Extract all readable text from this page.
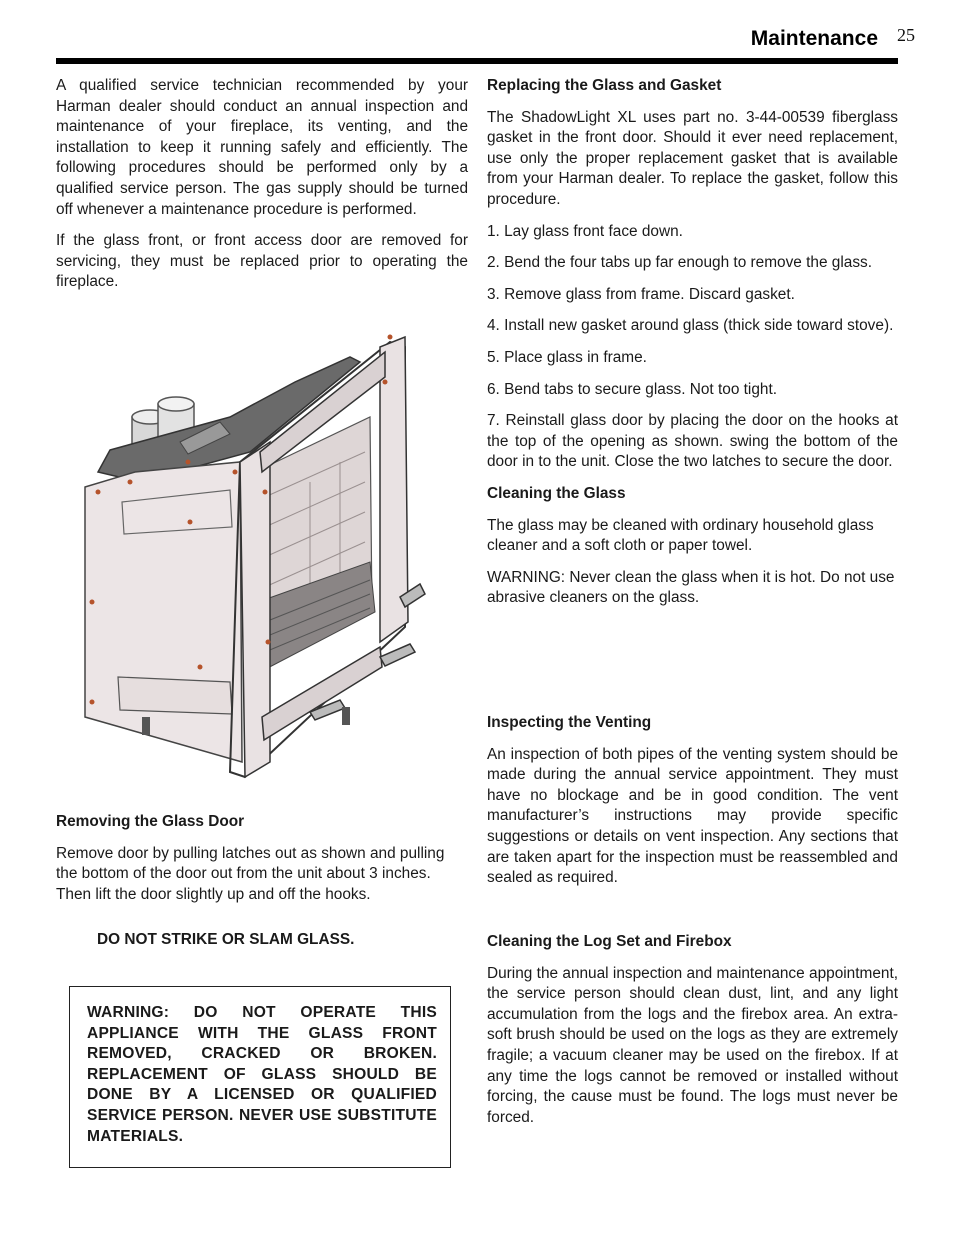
Maintenance 25

A qualified service technician recommended by your Harman dealer should conduct an annual inspection and maintenance of your fireplace, its venting, and the installation to keep it running safely and efficiently. The following procedures should be performed only by a qualified service person. The gas supply should be turned off whenever a maintenance procedure is performed.

If the glass front, or front access door are removed for servicing, they must be replaced prior to operating the fireplace.

Removing the Glass Door

Remove door by pulling latches out as shown and pulling the bottom of the door out from the unit about 3 inches. Then lift the door slightly up and off the hooks.

DO NOT STRIKE OR SLAM GLASS.

WARNING: DO NOT OPERATE THIS APPLIANCE WITH THE GLASS FRONT REMOVED, CRACKED OR BROKEN. REPLACEMENT OF GLASS SHOULD BE DONE BY A LICENSED OR QUALIFIED SERVICE PERSON. NEVER USE SUBSTITUTE MATERIALS.

Replacing the Glass and Gasket

The ShadowLight XL uses part no. 3-44-00539 fiberglass gasket in the front door. Should it ever need replacement, use only the proper replacement gasket that is available from your Harman dealer. To replace the gasket, follow this procedure.

1. Lay glass front face down.

2. Bend the four tabs up far enough to remove the glass.

3. Remove glass from frame. Discard gasket.

4. Install new gasket around glass (thick side toward stove).

5. Place glass in frame.

6. Bend tabs to secure glass. Not too tight.

7. Reinstall glass door by placing the door on the hooks at the top of the opening as shown. swing the bottom of the door in to the unit. Close the two latches to secure the door.

Cleaning the Glass

The glass may be cleaned with ordinary household glass cleaner and a soft cloth or paper towel.

WARNING: Never clean the glass when it is hot. Do not use abrasive cleaners on the glass.

Inspecting the Venting

An inspection of both pipes of the venting system should be made during the annual service appointment. They must have no blockage and be in good condition. The vent manufacturer’s instructions may provide specific suggestions or details on vent inspection. Any sections that are taken apart for the inspection must be reassembled and sealed as required.

Cleaning the Log Set and Firebox

During the annual inspection and maintenance appointment, the service person should clean dust, lint, and any light accumulation from the logs and the firebox area. An extra-soft brush should be used on the logs as they are extremely fragile; a vacuum cleaner may be used on the firebox. If at any time the logs cannot be removed or installed without forcing, the cause must be found. The logs must never be forced.
